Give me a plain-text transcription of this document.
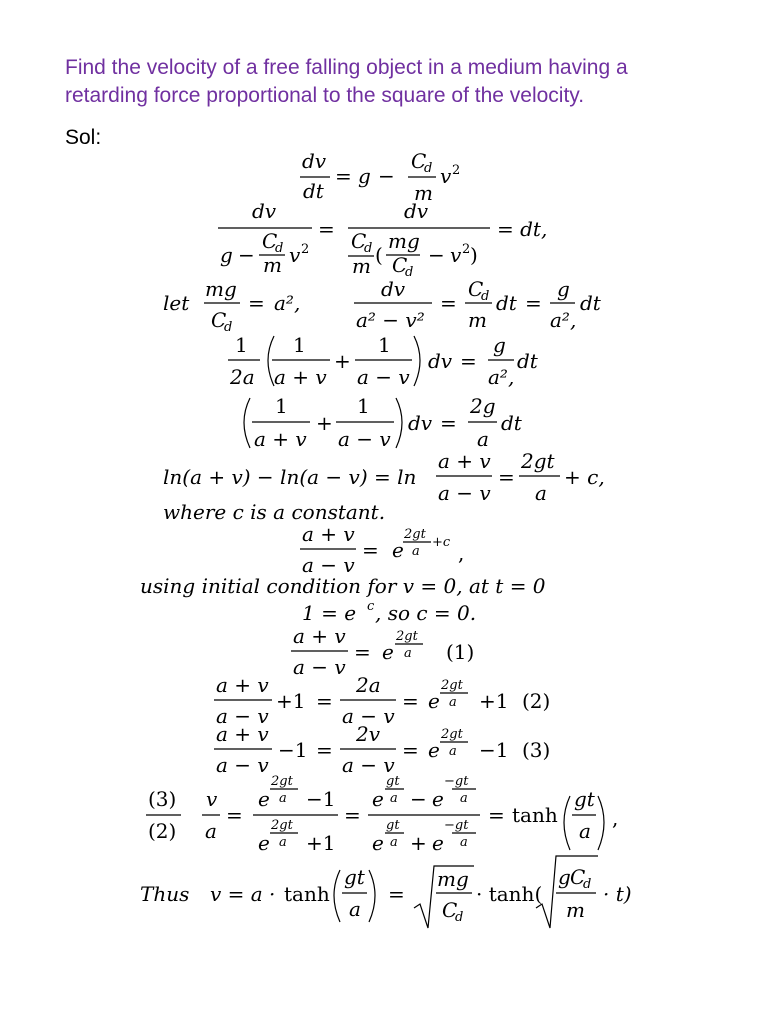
Find the velocity of a free falling object in a medium having a
retarding force proportional to the square of the velocity.
Sol:
dv
dt
= g −
C
d
m
v 2
dv
g −
C
d
m v 2
=
dv
C
d
m (
mg
C
d
− v 2 )
= dt,
let
mg
C
d
= a²,
dv
a² − v²
=
C
d
m
dt =
g
a²,
dt
1
2a
1
a + v
+
1
a − v
dv =
g
a²,
dt
1
a + v
+
1
a − v
dv =
2g
a
dt
ln(a + v) − ln(a − v) = ln
a + v
a − v
=
2gt
a
+ c,
where c is a constant.
a + v
a − v
= e
2gt
a
+c ,
using initial condition for v = 0, at t = 0
1 = e c , so c = 0.
a + v
a − v
= e
2gt
a (1)
a + v
a − v
+1 =
2a
a − v
= e
2gt
a +1 (2)
a + v
a − v
−1 =
2v
a − v
= e
2gt
a −1 (3)
(3)
(2)
v
a
=
e
2gt
a −1
e
2gt
a +1
=
e
gt
a − e
−gt
a
e
gt
a + e
−gt
a
= tanh
gt
a
,
Thus v = a · tanh
gt
a
=
mg
C
d
· tanh(
g C
d
m
· t)
